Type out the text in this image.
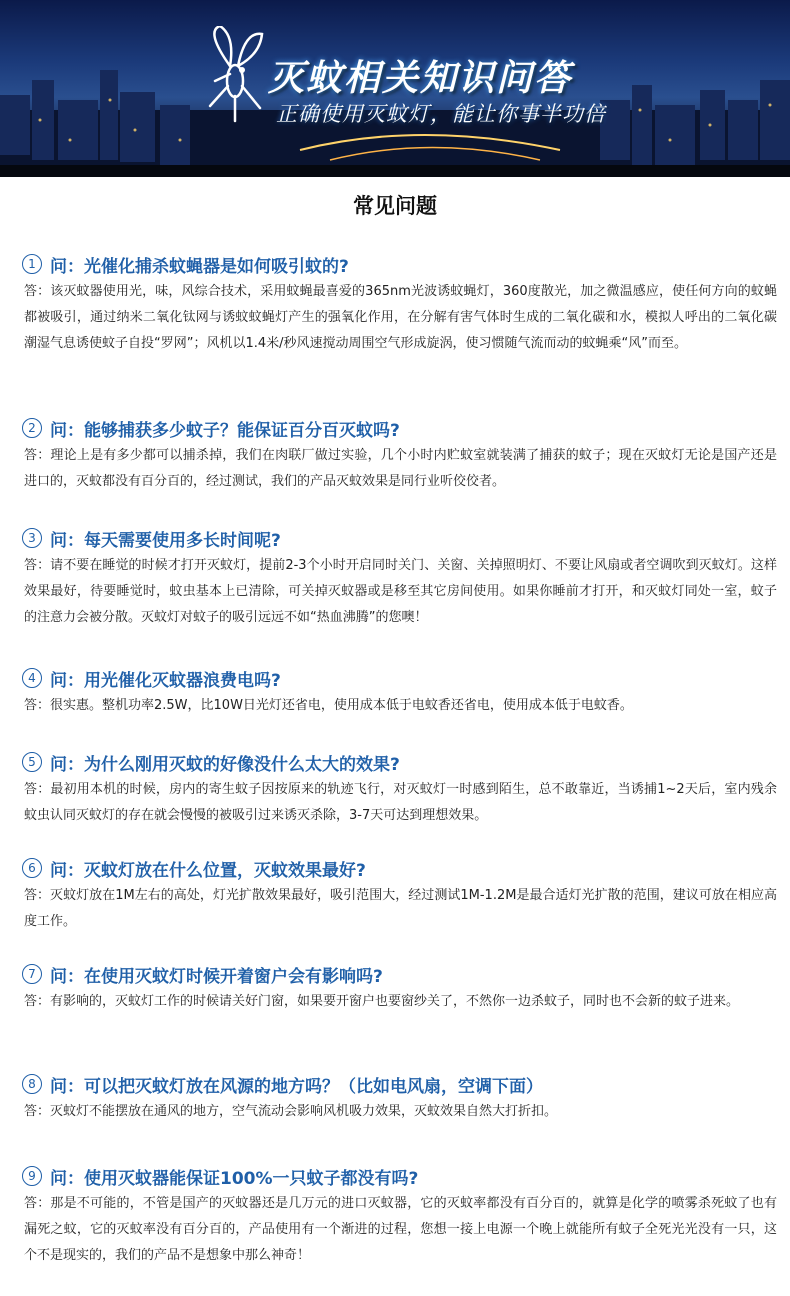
灭蚊相关知识问答
正确使用灭蚊灯，能让你事半功倍
常见问题
1 问：光催化捕杀蚊蝇器是如何吸引蚊的?
答：该灭蚊器使用光，味，风综合技术，采用蚊蝇最喜爱的365nm光波诱蚊蝇灯，360度散光，加之微温感应，使任何方向的蚊蝇都被吸引，通过纳米二氧化钛网与诱蚊蚊蝇灯产生的强氧化作用，在分解有害气体时生成的二氧化碳和水，模拟人呼出的二氧化碳潮湿气息诱使蚊子自投“罗网”；风机以1.4米/秒风速搅动周围空气形成旋涡，使习惯随气流而动的蚊蝇乘“风”而至。
2 问：能够捕获多少蚊子？能保证百分百灭蚊吗?
答：理论上是有多少都可以捕杀掉，我们在肉联厂做过实验，几个小时内贮蚊室就装满了捕获的蚊子；现在灭蚊灯无论是国产还是进口的，灭蚊都没有百分百的，经过测试，我们的产品灭蚊效果是同行业听佼佼者。
3 问：每天需要使用多长时间呢?
答：请不要在睡觉的时候才打开灭蚊灯，提前2-3个小时开启同时关门、关窗、关掉照明灯、不要让风扇或者空调吹到灭蚊灯。这样效果最好，待要睡觉时，蚊虫基本上已清除，可关掉灭蚊器或是移至其它房间使用。如果你睡前才打开，和灭蚊灯同处一室，蚊子的注意力会被分散。灭蚊灯对蚊子的吸引远远不如“热血沸腾”的您噢！
4 问：用光催化灭蚊器浪费电吗?
答：很实惠。整机功率2.5W，比10W日光灯还省电，使用成本低于电蚊香还省电，使用成本低于电蚊香。
5 问：为什么刚用灭蚊的好像没什么太大的效果?
答：最初用本机的时候，房内的寄生蚊子因按原来的轨迹飞行，对灭蚊灯一时感到陌生，总不敢靠近，当诱捕1~2天后，室内残余蚊虫认同灭蚊灯的存在就会慢慢的被吸引过来诱灭杀除，3-7天可达到理想效果。
6 问：灭蚊灯放在什么位置，灭蚊效果最好?
答：灭蚊灯放在1M左右的高处，灯光扩散效果最好，吸引范围大，经过测试1M-1.2M是最合适灯光扩散的范围，建议可放在相应高度工作。
7 问：在使用灭蚊灯时候开着窗户会有影响吗?
答：有影响的，灭蚊灯工作的时候请关好门窗，如果要开窗户也要窗纱关了，不然你一边杀蚊子，同时也不会新的蚊子进来。
8 问：可以把灭蚊灯放在风源的地方吗？（比如电风扇，空调下面）
答：灭蚊灯不能摆放在通风的地方，空气流动会影响风机吸力效果，灭蚊效果自然大打折扣。
9 问：使用灭蚊器能保证100%一只蚊子都没有吗?
答：那是不可能的，不管是国产的灭蚊器还是几万元的进口灭蚊器，它的灭蚊率都没有百分百的，就算是化学的喷雾杀死蚊了也有漏死之蚊，它的灭蚊率没有百分百的，产品使用有一个渐进的过程，您想一接上电源一个晚上就能所有蚊子全死光光没有一只，这个不是现实的，我们的产品不是想象中那么神奇！
